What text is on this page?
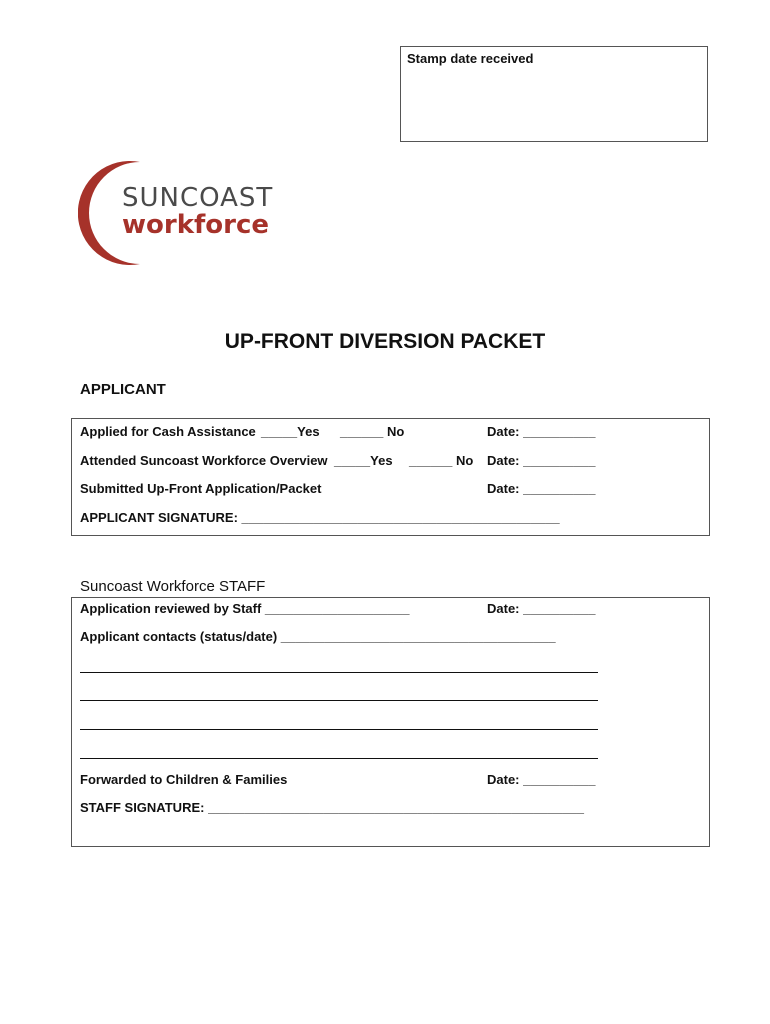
Stamp date received
SUNCOAST
workforce
UP-FRONT DIVERSION PACKET
APPLICANT
Applied for Cash Assistance _____Yes ______ No	Date: __________
Attended Suncoast Workforce Overview _____Yes ______ No Date: __________
Submitted Up-Front Application/Packet	Date: __________
APPLICANT SIGNATURE: ____________________________________________
Suncoast Workforce STAFF
Application reviewed by Staff ____________________	Date: __________
Applicant contacts (status/date) ______________________________________
Forwarded to Children & Families	Date: __________
STAFF SIGNATURE: ____________________________________________________
